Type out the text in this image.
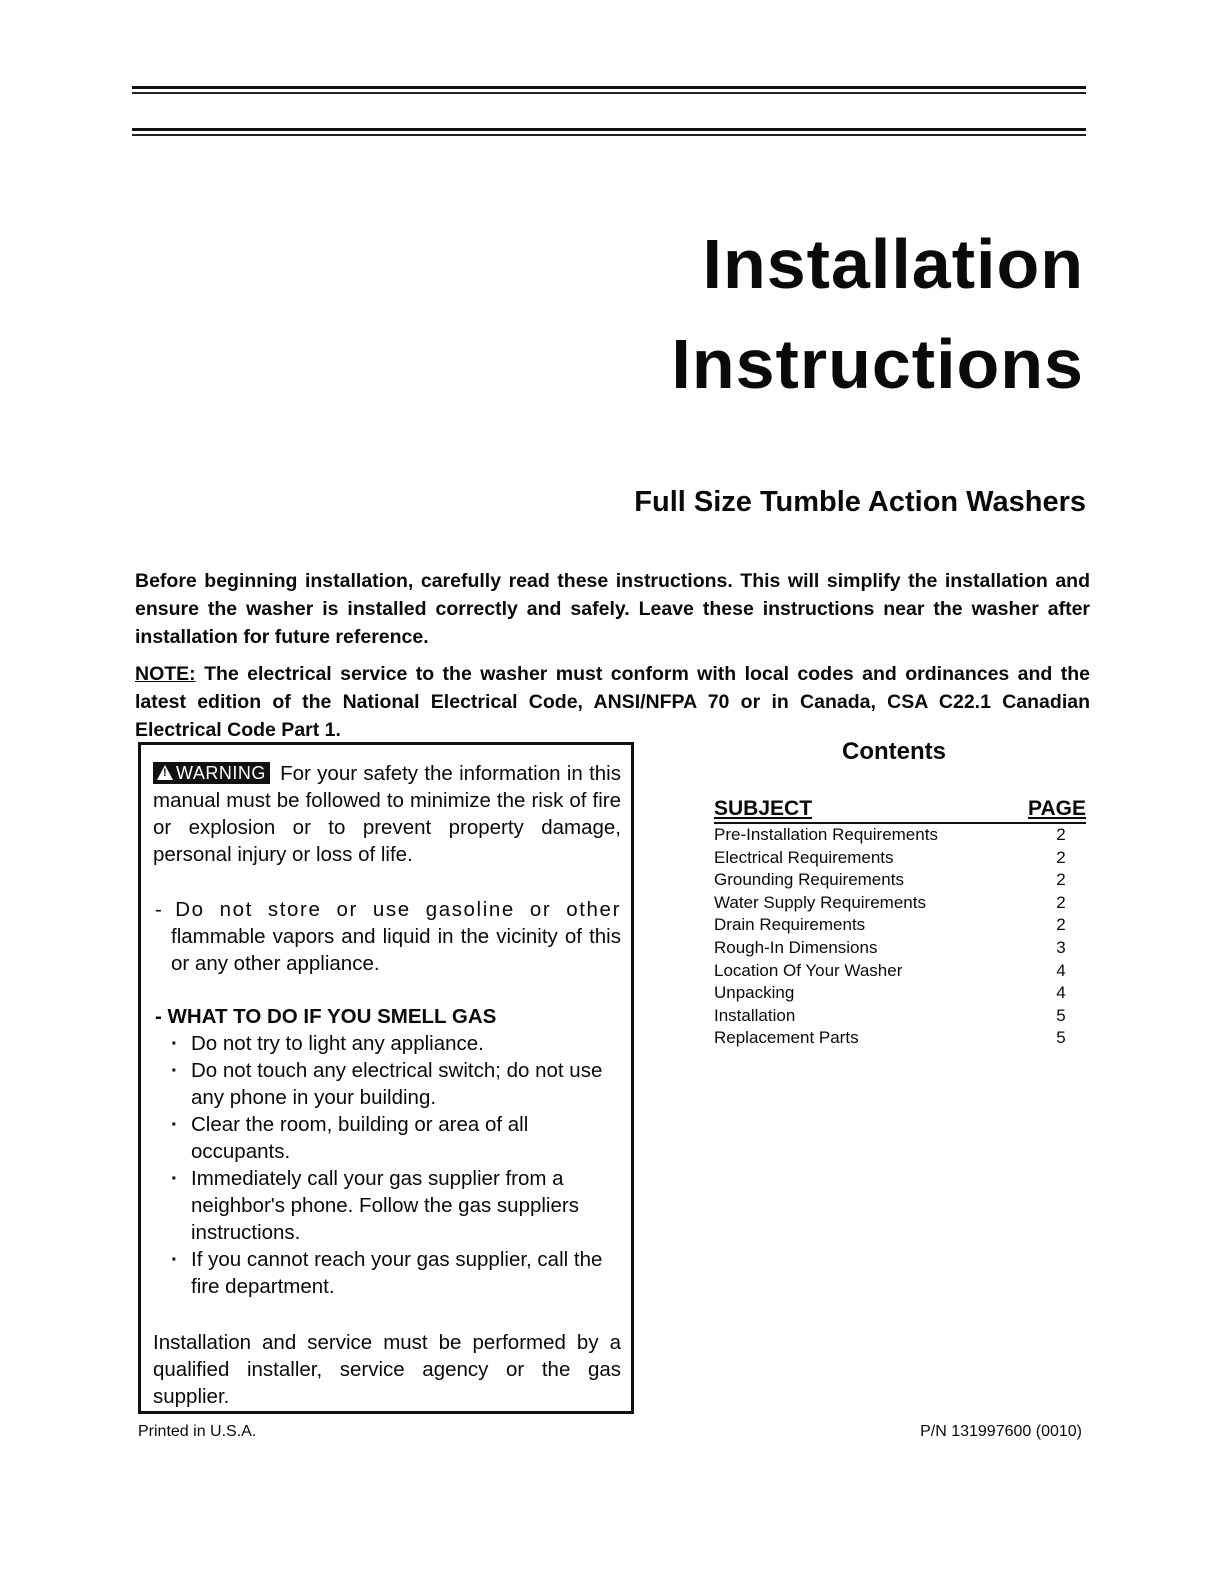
Installation
Instructions
Full Size Tumble Action Washers
Before beginning installation, carefully read these instructions. This will simplify the installation and ensure the washer is installed correctly and safely. Leave these instructions near the washer after installation for future reference.
NOTE: The electrical service to the washer must conform with local codes and ordinances and the latest edition of the National Electrical Code, ANSI/NFPA 70 or in Canada, CSA C22.1 Canadian Electrical Code Part 1.
! WARNING For your safety the information in this manual must be followed to minimize the risk of fire or explosion or to prevent property damage, personal injury or loss of life.
- Do not store or use gasoline or other flammable vapors and liquid in the vicinity of this or any other appliance.
- WHAT TO DO IF YOU SMELL GAS
· Do not try to light any appliance.
· Do not touch any electrical switch; do not use any phone in your building.
· Clear the room, building or area of all occupants.
· Immediately call your gas supplier from a neighbor's phone. Follow the gas suppliers instructions.
· If you cannot reach your gas supplier, call the fire department.
Installation and service must be performed by a qualified installer, service agency or the gas supplier.
Contents
SUBJECT	PAGE
Pre-Installation Requirements	2
Electrical Requirements	2
Grounding Requirements	2
Water Supply Requirements	2
Drain Requirements	2
Rough-In Dimensions	3
Location Of Your Washer	4
Unpacking	4
Installation	5
Replacement Parts	5
Printed in U.S.A.	P/N 131997600 (0010)
